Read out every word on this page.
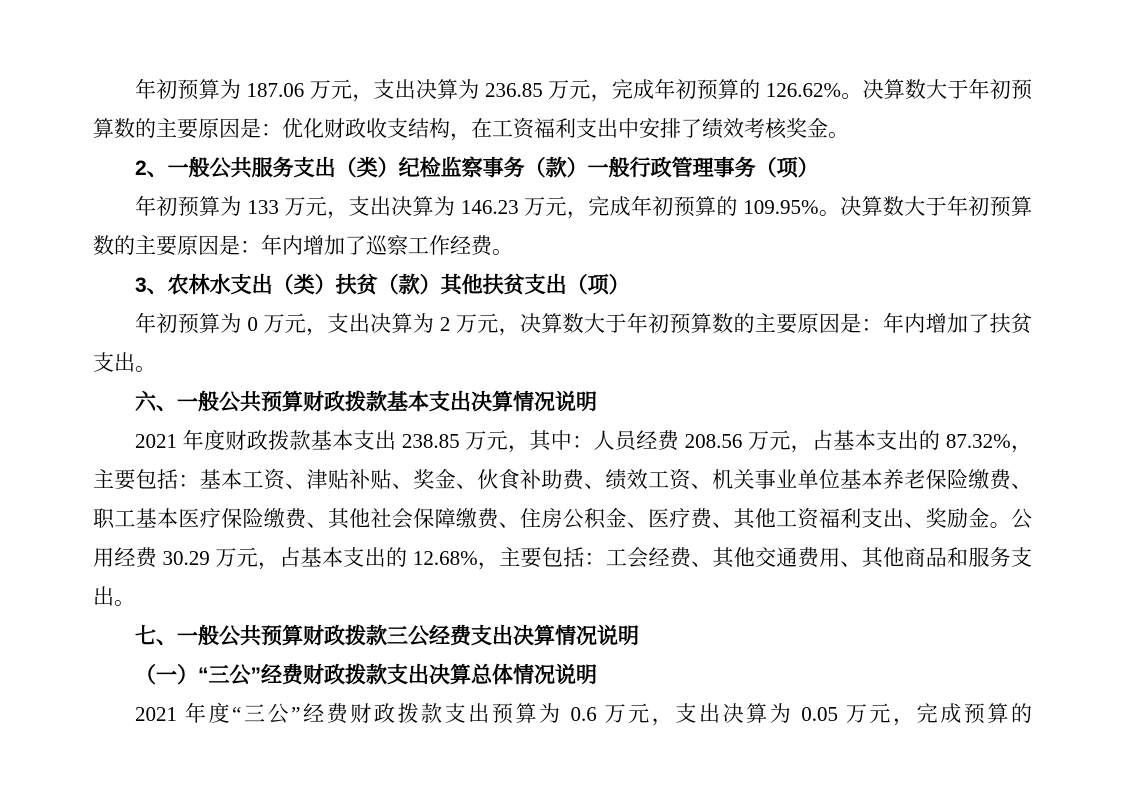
年初预算为 187.06 万元，支出决算为 236.85 万元，完成年初预算的 126.62%。决算数大于年初预算数的主要原因是：优化财政收支结构，在工资福利支出中安排了绩效考核奖金。

2、一般公共服务支出（类）纪检监察事务（款）一般行政管理事务（项）

年初预算为 133 万元，支出决算为 146.23 万元，完成年初预算的 109.95%。决算数大于年初预算数的主要原因是：年内增加了巡察工作经费。

3、农林水支出（类）扶贫（款）其他扶贫支出（项）

年初预算为 0 万元，支出决算为 2 万元，决算数大于年初预算数的主要原因是：年内增加了扶贫支出。

六、一般公共预算财政拨款基本支出决算情况说明

2021 年度财政拨款基本支出 238.85 万元，其中：人员经费 208.56 万元，占基本支出的 87.32%，主要包括：基本工资、津贴补贴、奖金、伙食补助费、绩效工资、机关事业单位基本养老保险缴费、职工基本医疗保险缴费、其他社会保障缴费、住房公积金、医疗费、其他工资福利支出、奖励金。公用经费 30.29 万元，占基本支出的 12.68%，主要包括：工会经费、其他交通费用、其他商品和服务支出。

七、一般公共预算财政拨款三公经费支出决算情况说明

（一）“三公”经费财政拨款支出决算总体情况说明

2021 年度“三公”经费财政拨款支出预算为 0.6 万元，支出决算为 0.05 万元，完成预算的
